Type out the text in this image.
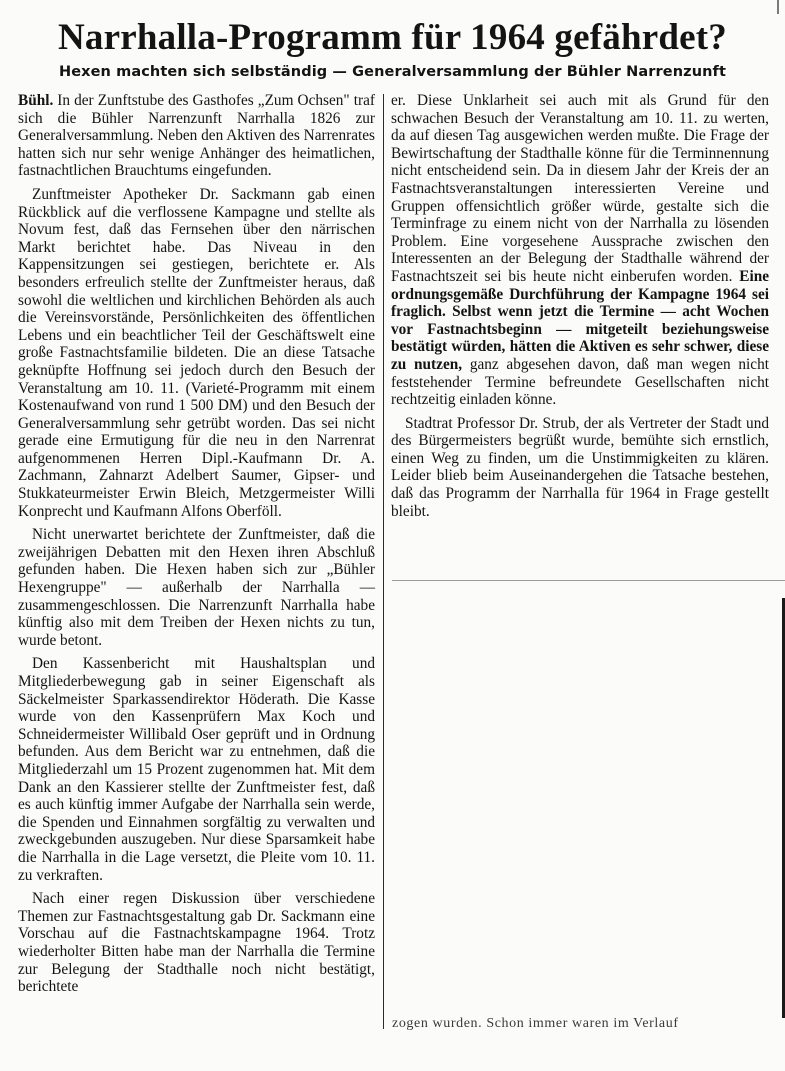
Narrhalla-Programm für 1964 gefährdet?
Hexen machten sich selbständig — Generalversammlung der Bühler Narrenzunft

Bühl. In der Zunftstube des Gasthofes „Zum Ochsen" traf sich die Bühler Narrenzunft Narrhalla 1826 zur Generalversammlung. Neben den Aktiven des Narrenrates hatten sich nur sehr wenige Anhänger des heimatlichen, fastnachtlichen Brauchtums eingefunden.

Zunftmeister Apotheker Dr. Sackmann gab einen Rückblick auf die verflossene Kampagne und stellte als Novum fest, daß das Fernsehen über den närrischen Markt berichtet habe. Das Niveau in den Kappensitzungen sei gestiegen, berichtete er. Als besonders erfreulich stellte der Zunftmeister heraus, daß sowohl die weltlichen und kirchlichen Behörden als auch die Vereinsvorstände, Persönlichkeiten des öffentlichen Lebens und ein beachtlicher Teil der Geschäftswelt eine große Fastnachtsfamilie bildeten. Die an diese Tatsache geknüpfte Hoffnung sei jedoch durch den Besuch der Veranstaltung am 10. 11. (Varieté-Programm mit einem Kostenaufwand von rund 1 500 DM) und den Besuch der Generalversammlung sehr getrübt worden. Das sei nicht gerade eine Ermutigung für die neu in den Narrenrat aufgenommenen Herren Dipl.-Kaufmann Dr. A. Zachmann, Zahnarzt Adelbert Saumer, Gipser- und Stukkateurmeister Erwin Bleich, Metzgermeister Willi Konprecht und Kaufmann Alfons Oberföll.

Nicht unerwartet berichtete der Zunftmeister, daß die zweijährigen Debatten mit den Hexen ihren Abschluß gefunden haben. Die Hexen haben sich zur „Bühler Hexengruppe" — außerhalb der Narrhalla — zusammengeschlossen. Die Narrenzunft Narrhalla habe künftig also mit dem Treiben der Hexen nichts zu tun, wurde betont.

Den Kassenbericht mit Haushaltsplan und Mitgliederbewegung gab in seiner Eigenschaft als Säckelmeister Sparkassendirektor Höderath. Die Kasse wurde von den Kassenprüfern Max Koch und Schneidermeister Willibald Oser geprüft und in Ordnung befunden. Aus dem Bericht war zu entnehmen, daß die Mitgliederzahl um 15 Prozent zugenommen hat. Mit dem Dank an den Kassierer stellte der Zunftmeister fest, daß es auch künftig immer Aufgabe der Narrhalla sein werde, die Spenden und Einnahmen sorgfältig zu verwalten und zweckgebunden auszugeben. Nur diese Sparsamkeit habe die Narrhalla in die Lage versetzt, die Pleite vom 10. 11. zu verkraften.

Nach einer regen Diskussion über verschiedene Themen zur Fastnachtsgestaltung gab Dr. Sackmann eine Vorschau auf die Fastnachtskampagne 1964. Trotz wiederholter Bitten habe man der Narrhalla die Termine zur Belegung der Stadthalle noch nicht bestätigt, berichtete

er. Diese Unklarheit sei auch mit als Grund für den schwachen Besuch der Veranstaltung am 10. 11. zu werten, da auf diesen Tag ausgewichen werden mußte. Die Frage der Bewirtschaftung der Stadthalle könne für die Terminnennung nicht entscheidend sein. Da in diesem Jahr der Kreis der an Fastnachtsveranstaltungen interessierten Vereine und Gruppen offensichtlich größer würde, gestalte sich die Terminfrage zu einem nicht von der Narrhalla zu lösenden Problem. Eine vorgesehene Aussprache zwischen den Interessenten an der Belegung der Stadthalle während der Fastnachtszeit sei bis heute nicht einberufen worden. Eine ordnungsgemäße Durchführung der Kampagne 1964 sei fraglich. Selbst wenn jetzt die Termine — acht Wochen vor Fastnachtsbeginn — mitgeteilt beziehungsweise bestätigt würden, hätten die Aktiven es sehr schwer, diese zu nutzen, ganz abgesehen davon, daß man wegen nicht feststehender Termine befreundete Gesellschaften nicht rechtzeitig einladen könne.

Stadtrat Professor Dr. Strub, der als Vertreter der Stadt und des Bürgermeisters begrüßt wurde, bemühte sich ernstlich, einen Weg zu finden, um die Unstimmigkeiten zu klären. Leider blieb beim Auseinandergehen die Tatsache bestehen, daß das Programm der Narrhalla für 1964 in Frage gestellt bleibt.

zogen wurden. Schon immer waren im Verlauf
